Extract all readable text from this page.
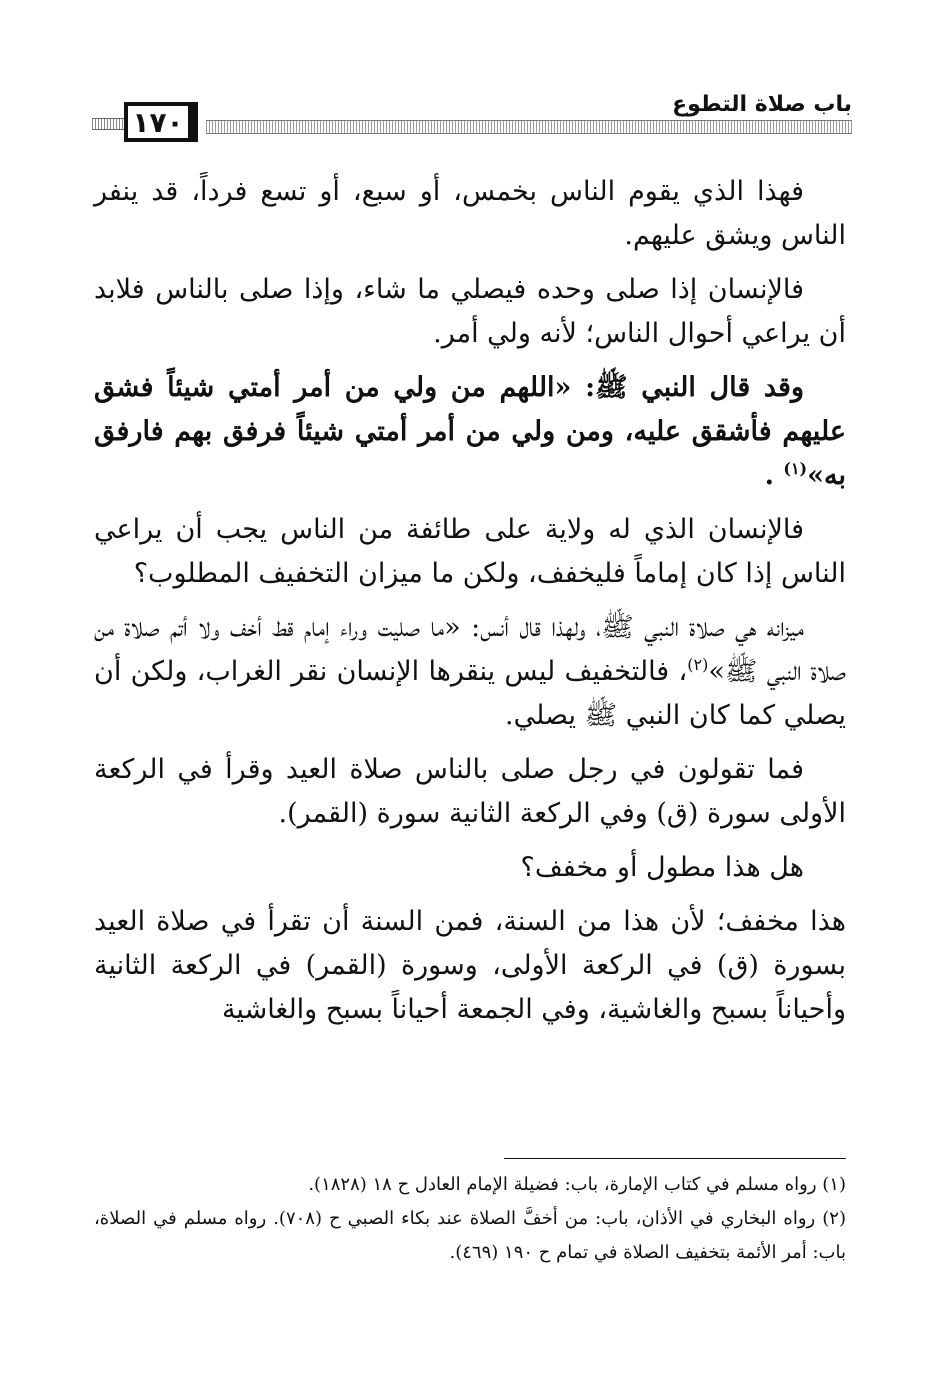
١٧٠
باب صلاة التطوع

فهذا الذي يقوم الناس بخمس، أو سبع، أو تسع فرداً، قد ينفر الناس ويشق عليهم.

فالإنسان إذا صلى وحده فيصلي ما شاء، وإذا صلى بالناس فلابد أن يراعي أحوال الناس؛ لأنه ولي أمر.

وقد قال النبي ﷺ: «اللهم من ولي من أمر أمتي شيئاً فشق عليهم فأشقق عليه، ومن ولي من أمر أمتي شيئاً فرفق بهم فارفق به»$^{(١)}$ .

فالإنسان الذي له ولاية على طائفة من الناس يجب أن يراعي الناس إذا كان إماماً فليخفف، ولكن ما ميزان التخفيف المطلوب؟

ميزانه هي صلاة النبي ﷺ، ولهذا قال أنس: «ما صليت وراء إمام قط أخف ولا أتم صلاة من صلاة النبي ﷺ»$^{(٢)}$، فالتخفيف ليس ينقرها الإنسان نقر الغراب، ولكن أن يصلي كما كان النبي ﷺ يصلي.

فما تقولون في رجل صلى بالناس صلاة العيد وقرأ في الركعة الأولى سورة (ق) وفي الركعة الثانية سورة (القمر).

هل هذا مطول أو مخفف؟

هذا مخفف؛ لأن هذا من السنة، فمن السنة أن تقرأ في صلاة العيد بسورة (ق) في الركعة الأولى، وسورة (القمر) في الركعة الثانية وأحياناً بسبح والغاشية، وفي الجمعة أحياناً بسبح والغاشية

(١) رواه مسلم في كتاب الإمارة، باب: فضيلة الإمام العادل ح ١٨ (١٨٢٨).

(٢) رواه البخاري في الأذان، باب: من أخفَّ الصلاة عند بكاء الصبي ح (٧٠٨). رواه مسلم في الصلاة، باب: أمر الأئمة بتخفيف الصلاة في تمام ح ١٩٠ (٤٦٩).
